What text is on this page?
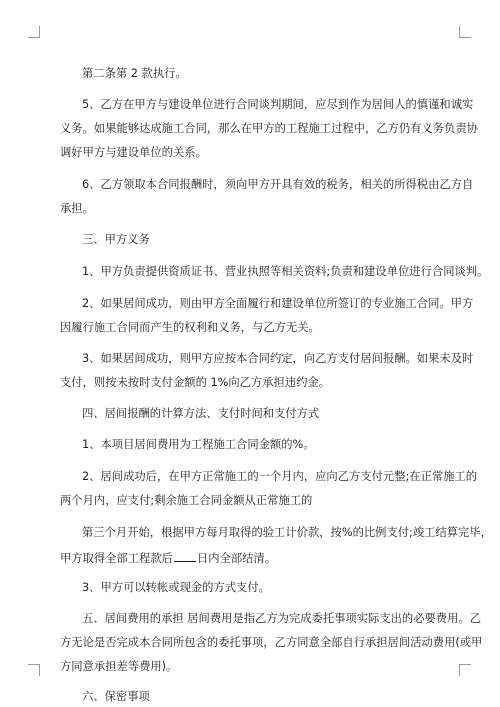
第二条第 2 款执行。
5、乙方在甲方与建设单位进行合同谈判期间，应尽到作为居间人的慎谨和诚实
义务。如果能够达成施工合同，那么在甲方的工程施工过程中，乙方仍有义务负责协
调好甲方与建设单位的关系。
6、乙方领取本合同报酬时，须向甲方开具有效的税务，相关的所得税由乙方自
承担。
三、甲方义务
1、甲方负责提供资质证书、营业执照等相关资料;负责和建设单位进行合同谈判。
2、如果居间成功，则由甲方全面履行和建设单位所签订的专业施工合同。甲方
因履行施工合同而产生的权利和义务，与乙方无关。
3、如果居间成功，则甲方应按本合同约定，向乙方支付居间报酬。如果未及时
支付，则按未按时支付金额的 1%向乙方承担违约金。
四、居间报酬的计算方法、支付时间和支付方式
1、本项目居间费用为工程施工合同金额的%。
2、居间成功后，在甲方正常施工的一个月内，应向乙方支付元整;在正常施工的
两个月内，应支付;剩余施工合同金额从正常施工的
第三个月开始，根据甲方每月取得的验工计价款，按%的比例支付;竣工结算完毕，
甲方取得全部工程款后 日内全部结清。
3、甲方可以转帐或现金的方式支付。
五、居间费用的承担 居间费用是指乙方为完成委托事项实际支出的必要费用。乙
方无论是否完成本合同所包含的委托事项，乙方同意全部自行承担居间活动费用(或甲
方同意承担差等费用)。
六、保密事项
